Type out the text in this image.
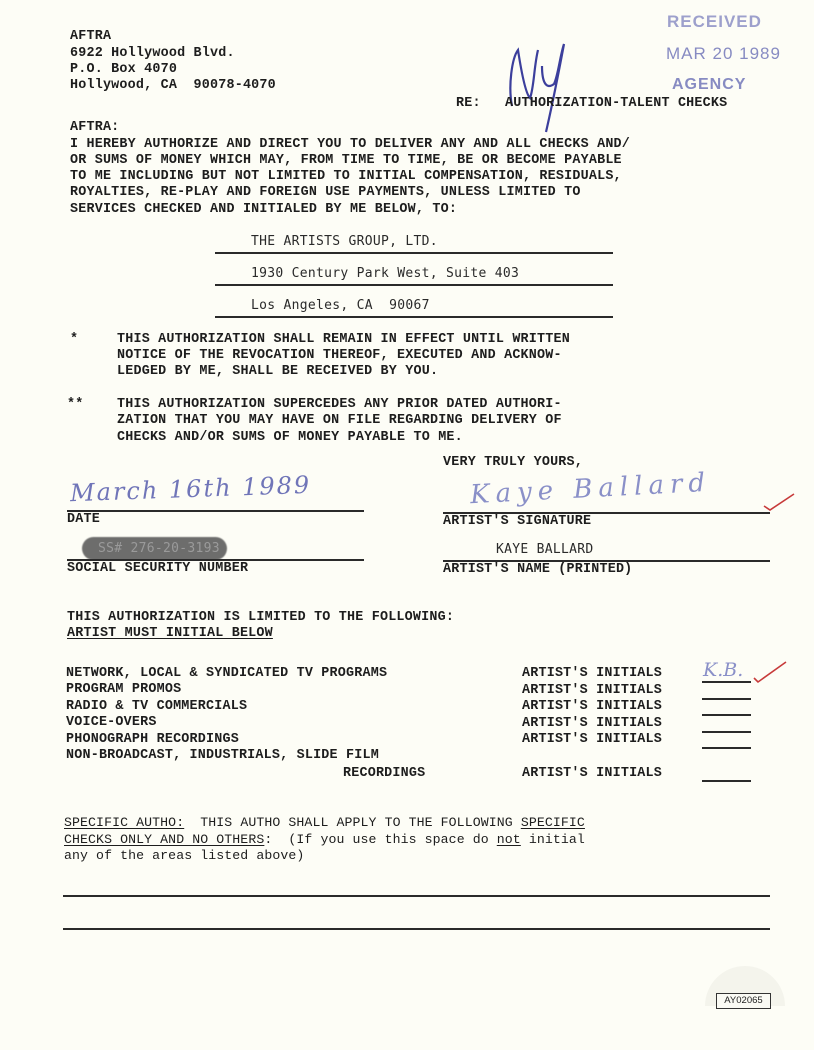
AFTRA
6922 Hollywood Blvd.
P.O. Box 4070
Hollywood, CA  90078-4070
RECEIVED
MAR 20 1989
AGENCY
RE: AUTHORIZATION-TALENT CHECKS
AFTRA:
I HEREBY AUTHORIZE AND DIRECT YOU TO DELIVER ANY AND ALL CHECKS AND/
OR SUMS OF MONEY WHICH MAY, FROM TIME TO TIME, BE OR BECOME PAYABLE
TO ME INCLUDING BUT NOT LIMITED TO INITIAL COMPENSATION, RESIDUALS,
ROYALTIES, RE-PLAY AND FOREIGN USE PAYMENTS, UNLESS LIMITED TO
SERVICES CHECKED AND INITIALED BY ME BELOW, TO:
THE ARTISTS GROUP, LTD.
1930 Century Park West, Suite 403
Los Angeles, CA  90067
*	THIS AUTHORIZATION SHALL REMAIN IN EFFECT UNTIL WRITTEN
NOTICE OF THE REVOCATION THEREOF, EXECUTED AND ACKNOW-
LEDGED BY ME, SHALL BE RECEIVED BY YOU.
**	THIS AUTHORIZATION SUPERCEDES ANY PRIOR DATED AUTHORI-
ZATION THAT YOU MAY HAVE ON FILE REGARDING DELIVERY OF
CHECKS AND/OR SUMS OF MONEY PAYABLE TO ME.
VERY TRULY YOURS,
March 16th 1989
DATE
SS# 276-20-3193
SOCIAL SECURITY NUMBER
Kaye Ballard
ARTIST'S SIGNATURE
KAYE BALLARD
ARTIST'S NAME (PRINTED)
THIS AUTHORIZATION IS LIMITED TO THE FOLLOWING:
ARTIST MUST INITIAL BELOW
NETWORK, LOCAL & SYNDICATED TV PROGRAMS
PROGRAM PROMOS
RADIO & TV COMMERCIALS
VOICE-OVERS
PHONOGRAPH RECORDINGS
NON-BROADCAST, INDUSTRIALS, SLIDE FILM
RECORDINGS
ARTIST'S INITIALS
ARTIST'S INITIALS
ARTIST'S INITIALS
ARTIST'S INITIALS
ARTIST'S INITIALS
ARTIST'S INITIALS
K.B.
SPECIFIC AUTHO:  THIS AUTHO SHALL APPLY TO THE FOLLOWING SPECIFIC
CHECKS ONLY AND NO OTHERS:  (If you use this space do not initial
any of the areas listed above)
AY02065
